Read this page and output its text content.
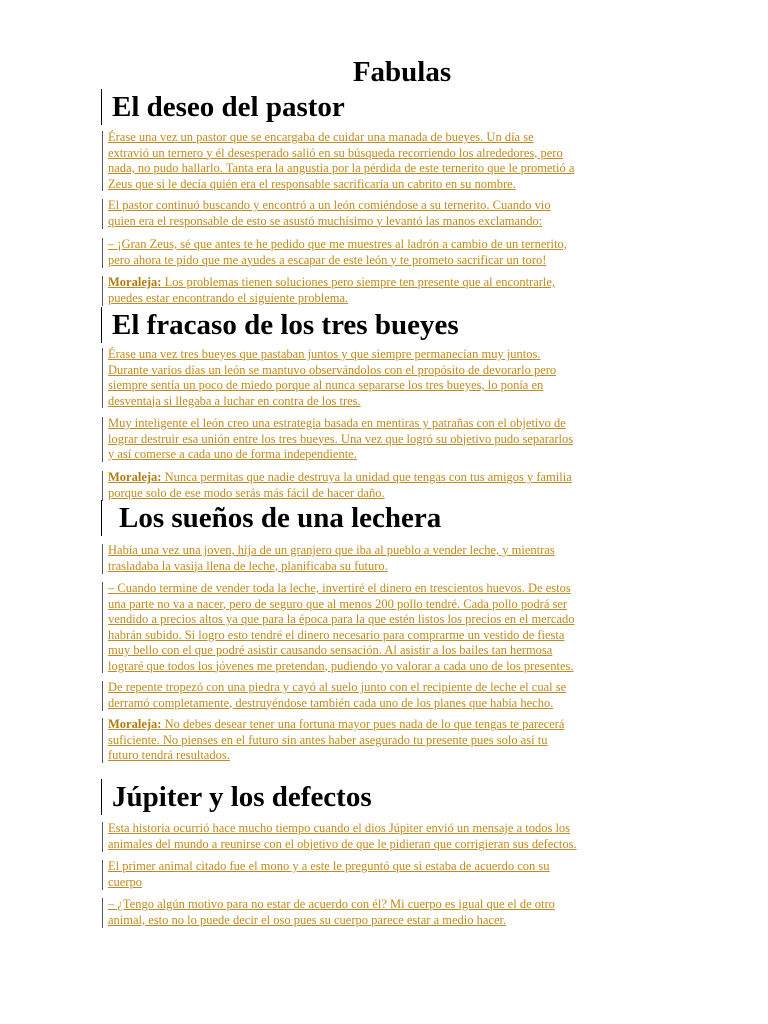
Fabulas
El deseo del pastor
Érase una vez un pastor que se encargaba de cuidar una manada de bueyes. Un día se
extravió un ternero y él desesperado salió en su búsqueda recorriendo los alrededores, pero
nada, no pudo hallarlo. Tanta era la angustia por la pérdida de este ternerito que le prometió a
Zeus que si le decía quién era el responsable sacrificaría un cabrito en su nombre.
El pastor continuó buscando y encontró a un león comiéndose a su ternerito. Cuando vio
quien era el responsable de esto se asustó muchísimo y levantó las manos exclamando:
– ¡Gran Zeus, sé que antes te he pedido que me muestres al ladrón a cambio de un ternerito,
pero ahora te pido que me ayudes a escapar de este león y te prometo sacrificar un toro!
Moraleja: Los problemas tienen soluciones pero siempre ten presente que al encontrarle,
puedes estar encontrando el siguiente problema.
El fracaso de los tres bueyes
Érase una vez tres bueyes que pastaban juntos y que siempre permanecían muy juntos.
Durante varios días un león se mantuvo observándolos con el propósito de devorarlo pero
siempre sentía un poco de miedo porque al nunca separarse los tres bueyes, lo ponía en
desventaja si llegaba a luchar en contra de los tres.
Muy inteligente el león creo una estrategia basada en mentiras y patrañas con el objetivo de
lograr destruir esa unión entre los tres bueyes. Una vez que logró su objetivo pudo separarlos
y así comerse a cada uno de forma independiente.
Moraleja: Nunca permitas que nadie destruya la unidad que tengas con tus amigos y familia
porque solo de ese modo serás más fácil de hacer daño.
Los sueños de una lechera
Había una vez una joven, hija de un granjero que iba al pueblo a vender leche, y mientras
trasladaba la vasija llena de leche, planificaba su futuro.
– Cuando termine de vender toda la leche, invertiré el dinero en trescientos huevos. De estos
una parte no va a nacer, pero de seguro que al menos 200 pollo tendré. Cada pollo podrá ser
vendido a precios altos ya que para la época para la que estén listos los precios en el mercado
habrán subido. Si logro esto tendré el dinero necesario para comprarme un vestido de fiesta
muy bello con el que podré asistir causando sensación. Al asistir a los bailes tan hermosa
lograré que todos los jóvenes me pretendan, pudiendo yo valorar a cada uno de los presentes.
De repente tropezó con una piedra y cayó al suelo junto con el recipiente de leche el cual se
derramó completamente, destruyéndose también cada uno de los planes que había hecho.
Moraleja: No debes desear tener una fortuna mayor pues nada de lo que tengas te parecerá
suficiente. No pienses en el futuro sin antes haber asegurado tu presente pues solo así tu
futuro tendrá resultados.
Júpiter y los defectos
Esta historia ocurrió hace mucho tiempo cuando el dios Júpiter envió un mensaje a todos los
animales del mundo a reunirse con el objetivo de que le pidieran que corrigieran sus defectos.
El primer animal citado fue el mono y a este le preguntó que si estaba de acuerdo con su
cuerpo
– ¿Tengo algún motivo para no estar de acuerdo con él? Mi cuerpo es igual que el de otro
animal, esto no lo puede decir el oso pues su cuerpo parece estar a medio hacer.
